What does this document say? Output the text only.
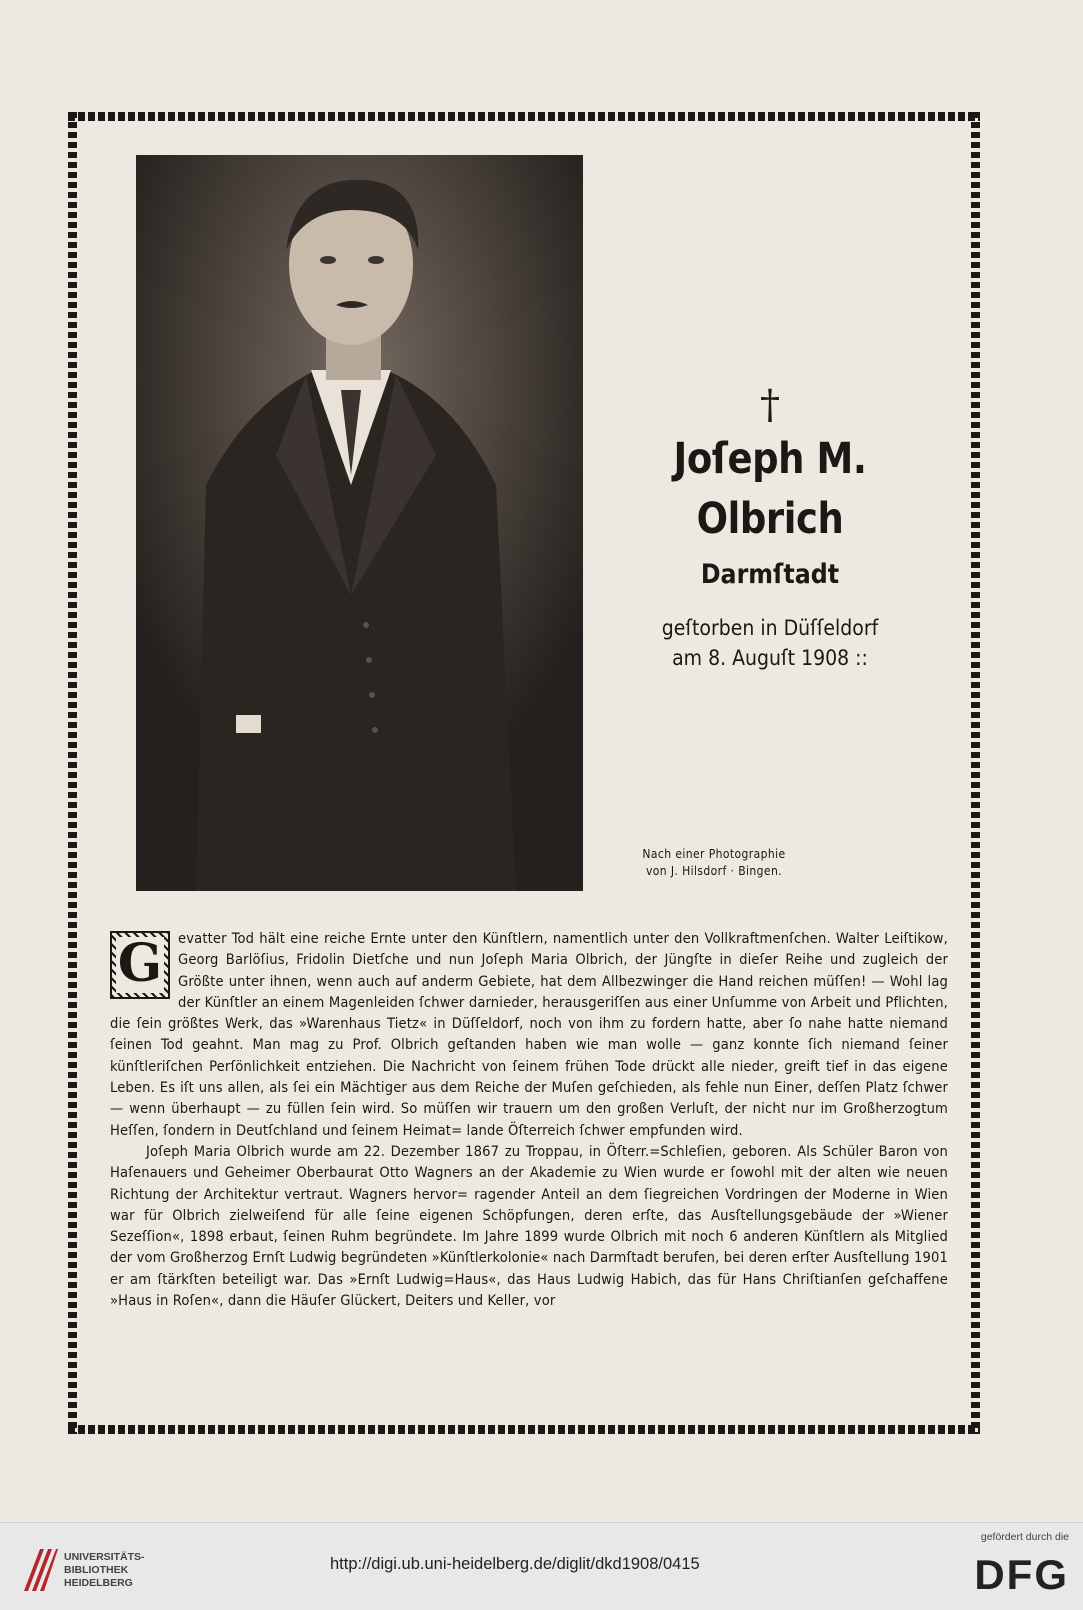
Nach einer Photographie
von J. Hilsdorf · Bingen.
†
Joſeph M. Olbrich
Darmſtadt
geſtorben in Düſſeldorf
am 8. Auguſt 1908 ::

G evatter Tod hält eine reiche Ernte unter den Künſtlern, namentlich unter den Vollkraftmenſchen. Walter Leiſtikow, Georg Barlöſius, Fridolin Dietſche und nun Joſeph Maria Olbrich, der Jüngſte in dieſer Reihe und zugleich der Größte unter ihnen, wenn auch auf anderm Gebiete, hat dem Allbezwinger die Hand reichen müſſen! — Wohl lag der Künſtler an einem Magenleiden ſchwer darnieder, herausgeriſſen aus einer Unſumme von Arbeit und Pflichten, die ſein größtes Werk, das »Warenhaus Tietz« in Düſſeldorf, noch von ihm zu fordern hatte, aber ſo nahe hatte niemand ſeinen Tod geahnt. Man mag zu Prof. Olbrich geſtanden haben wie man wolle — ganz konnte ſich niemand ſeiner künſtleriſchen Perſönlichkeit entziehen. Die Nachricht von ſeinem frühen Tode drückt alle nieder, greift tief in das eigene Leben. Es iſt uns allen, als ſei ein Mächtiger aus dem Reiche der Muſen geſchieden, als fehle nun Einer, deſſen Platz ſchwer — wenn überhaupt — zu füllen ſein wird. So müſſen wir trauern um den großen Verluſt, der nicht nur im Großherzogtum Heſſen, ſondern in Deutſchland und ſeinem Heimat= lande Öſterreich ſchwer empfunden wird.

Joſeph Maria Olbrich wurde am 22. Dezember 1867 zu Troppau, in Öſterr.=Schleſien, geboren. Als Schüler Baron von Haſenauers und Geheimer Oberbaurat Otto Wagners an der Akademie zu Wien wurde er ſowohl mit der alten wie neuen Richtung der Architektur vertraut. Wagners hervor= ragender Anteil an dem ſiegreichen Vordringen der Moderne in Wien war für Olbrich zielweiſend für alle ſeine eigenen Schöpfungen, deren erſte, das Ausſtellungsgebäude der »Wiener Sezeſſion«, 1898 erbaut, ſeinen Ruhm begründete. Im Jahre 1899 wurde Olbrich mit noch 6 anderen Künſtlern als Mitglied der vom Großherzog Ernſt Ludwig begründeten »Künſtlerkolonie« nach Darmſtadt berufen, bei deren erſter Ausſtellung 1901 er am ſtärkſten beteiligt war. Das »Ernſt Ludwig=Haus«, das Haus Ludwig Habich, das für Hans Chriſtianſen geſchaffene »Haus in Roſen«, dann die Häuſer Glückert, Deiters und Keller, vor

UNIVERSITÄTS-
BIBLIOTHEK
HEIDELBERG
http://digi.ub.uni-heidelberg.de/diglit/dkd1908/0415
gefördert durch die
DFG
